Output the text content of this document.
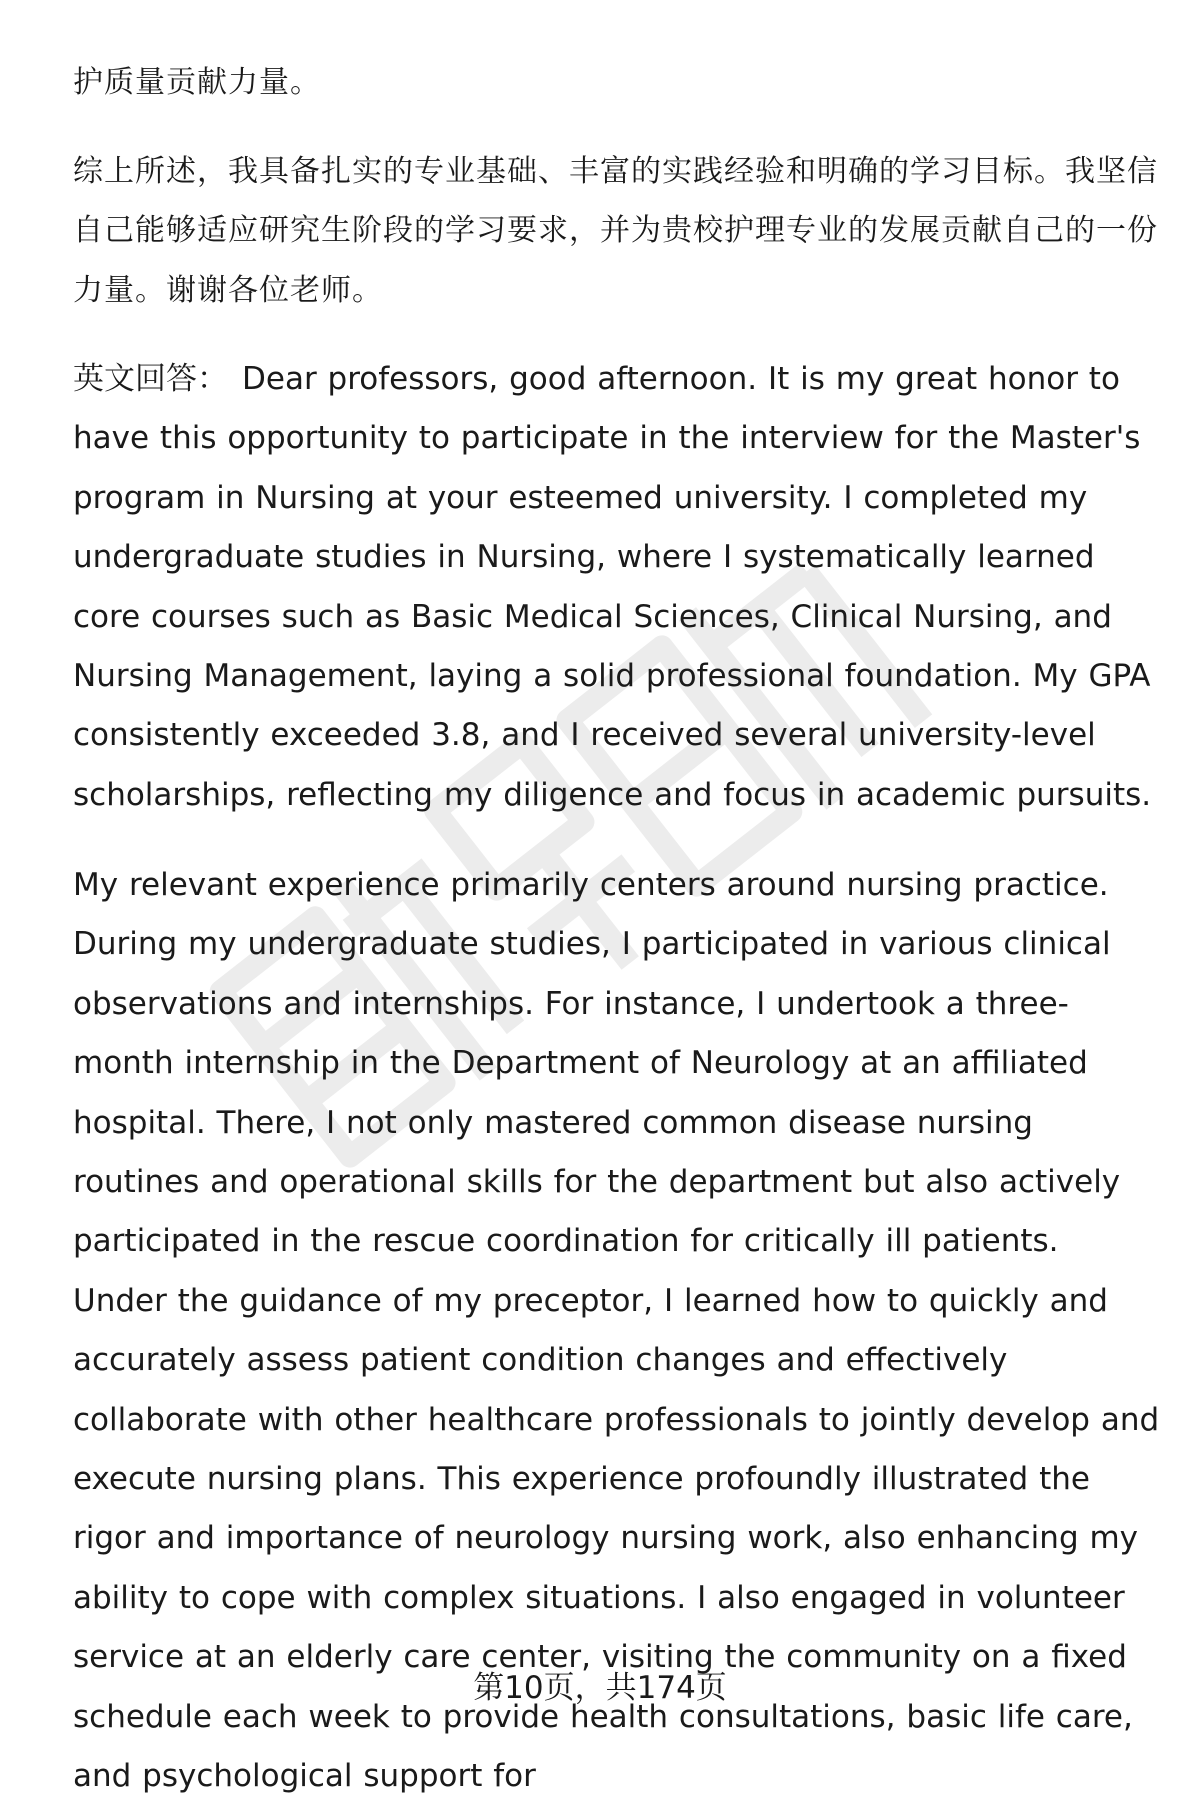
护质量贡献力量。

综上所述，我具备扎实的专业基础、丰富的实践经验和明确的学习目标。我坚信自己能够适应研究生阶段的学习要求，并为贵校护理专业的发展贡献自己的一份力量。谢谢各位老师。

英文回答： Dear professors, good afternoon. It is my great honor to have this opportunity to participate in the interview for the Master's program in Nursing at your esteemed university. I completed my undergraduate studies in Nursing, where I systematically learned core courses such as Basic Medical Sciences, Clinical Nursing, and Nursing Management, laying a solid professional foundation. My GPA consistently exceeded 3.8, and I received several university-level scholarships, reflecting my diligence and focus in academic pursuits.

My relevant experience primarily centers around nursing practice. During my undergraduate studies, I participated in various clinical observations and internships. For instance, I undertook a three-month internship in the Department of Neurology at an affiliated hospital. There, I not only mastered common disease nursing routines and operational skills for the department but also actively participated in the rescue coordination for critically ill patients. Under the guidance of my preceptor, I learned how to quickly and accurately assess patient condition changes and effectively collaborate with other healthcare professionals to jointly develop and execute nursing plans. This experience profoundly illustrated the rigor and importance of neurology nursing work, also enhancing my ability to cope with complex situations. I also engaged in volunteer service at an elderly care center, visiting the community on a fixed schedule each week to provide health consultations, basic life care, and psychological support for

第10页，共174页
